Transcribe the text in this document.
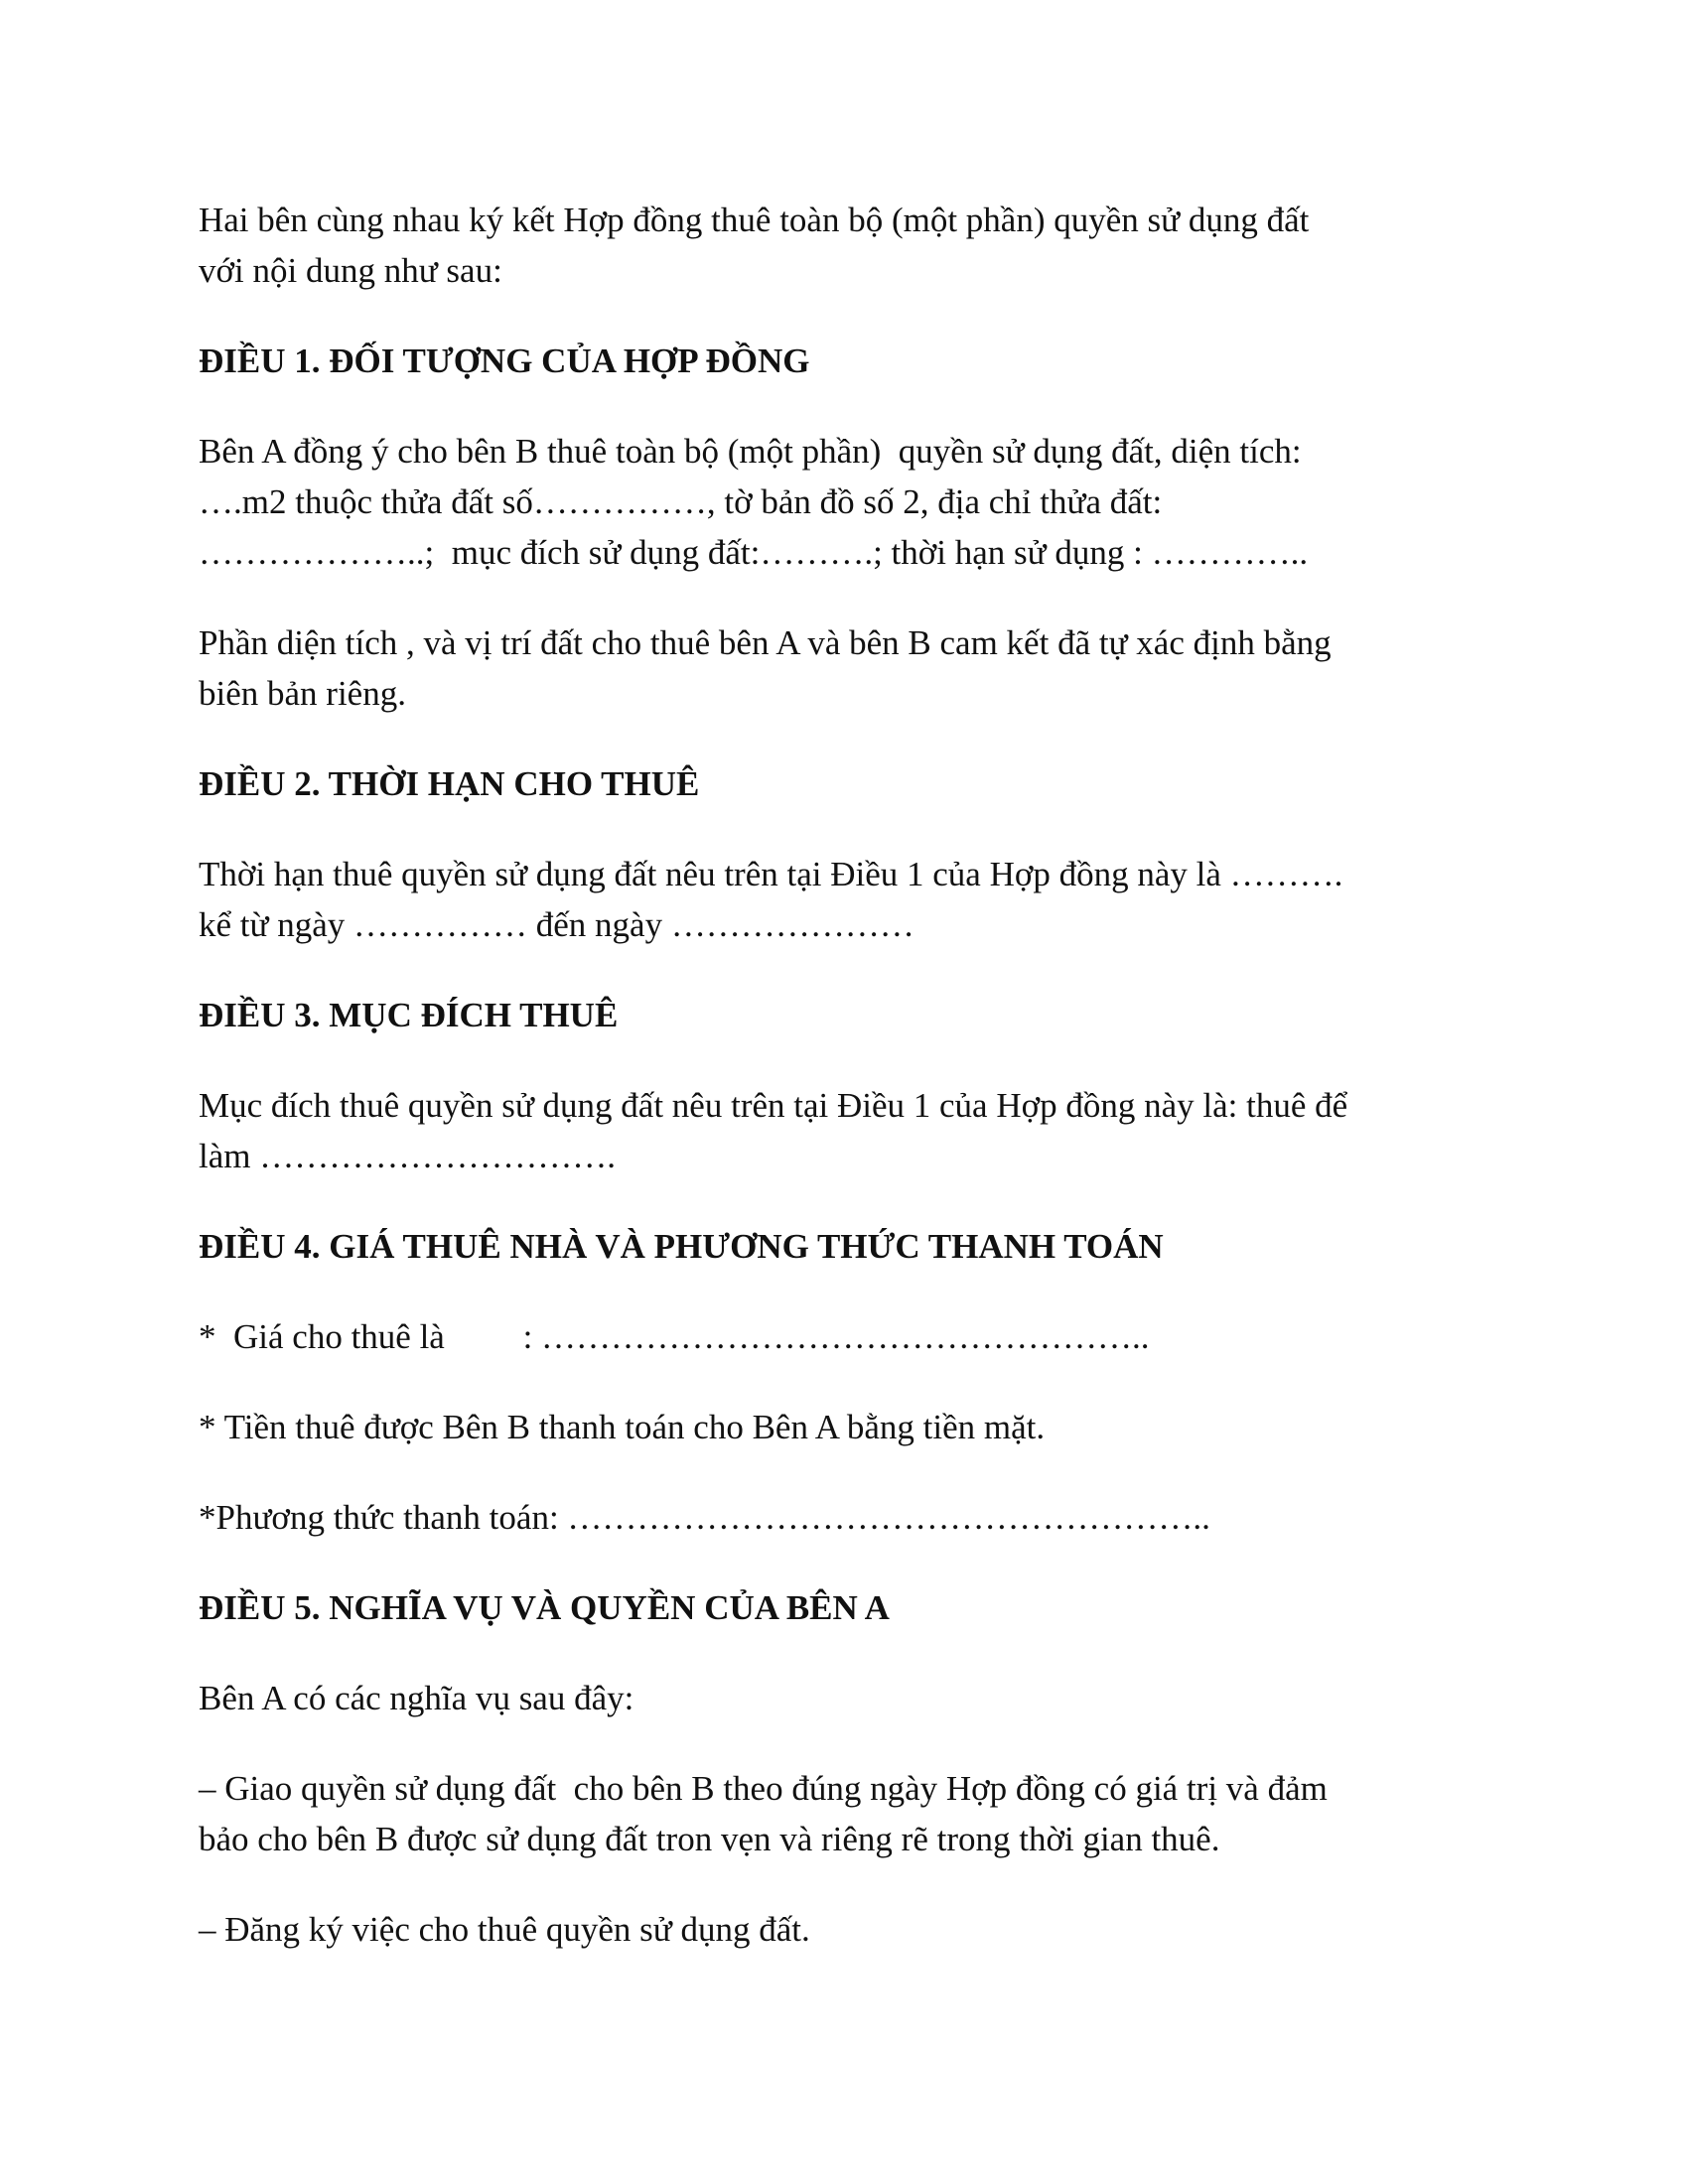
Hai bên cùng nhau ký kết Hợp đồng thuê toàn bộ (một phần) quyền sử dụng đất
với nội dung như sau:

ĐIỀU 1. ĐỐI TƯỢNG CỦA HỢP ĐỒNG

Bên A đồng ý cho bên B thuê toàn bộ (một phần)  quyền sử dụng đất, diện tích:
….m2 thuộc thửa đất số……………, tờ bản đồ số 2, địa chỉ thửa đất:
………………..;  mục đích sử dụng đất:……….; thời hạn sử dụng : …………..

Phần diện tích , và vị trí đất cho thuê bên A và bên B cam kết đã tự xác định bằng
biên bản riêng.

ĐIỀU 2. THỜI HẠN CHO THUÊ

Thời hạn thuê quyền sử dụng đất nêu trên tại Điều 1 của Hợp đồng này là ……….
kể từ ngày …………… đến ngày …………………

ĐIỀU 3. MỤC ĐÍCH THUÊ

Mục đích thuê quyền sử dụng đất nêu trên tại Điều 1 của Hợp đồng này là: thuê để
làm ………………………….

ĐIỀU 4. GIÁ THUÊ NHÀ VÀ PHƯƠNG THỨC THANH TOÁN

*  Giá cho thuê là         : ……………………………………………..

* Tiền thuê được Bên B thanh toán cho Bên A bằng tiền mặt.

*Phương thức thanh toán: ………………………………………………..

ĐIỀU 5. NGHĨA VỤ VÀ QUYỀN CỦA BÊN A

Bên A có các nghĩa vụ sau đây:

– Giao quyền sử dụng đất  cho bên B theo đúng ngày Hợp đồng có giá trị và đảm
bảo cho bên B được sử dụng đất tron vẹn và riêng rẽ trong thời gian thuê.

– Đăng ký việc cho thuê quyền sử dụng đất.
